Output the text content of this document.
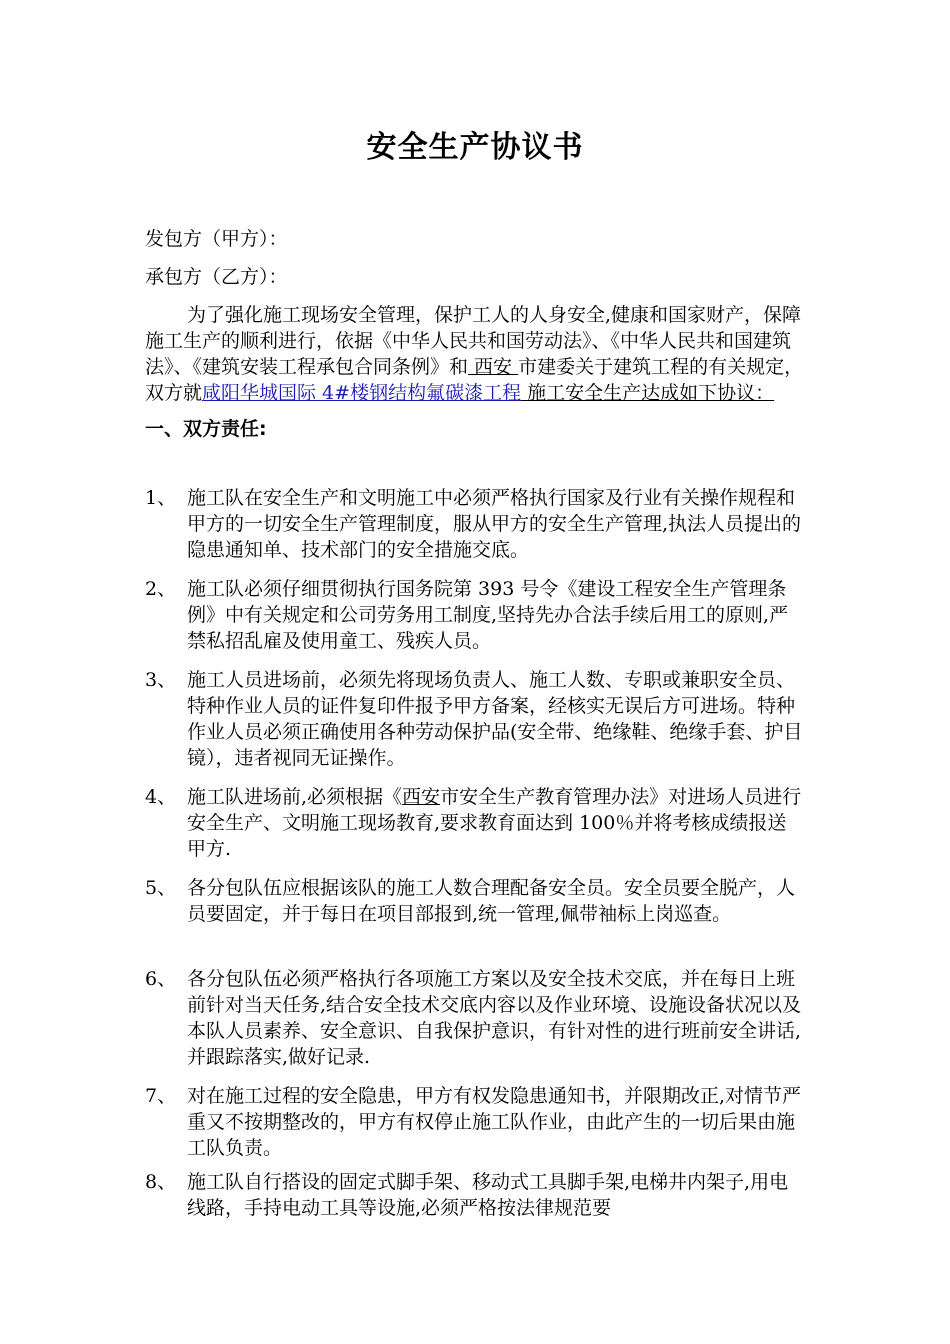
安全生产协议书
发包方（甲方）：
承包方（乙方）：
为了强化施工现场安全管理，保护工人的人身安全,健康和国家财产，保障施工生产的顺利进行，依据《中华人民共和国劳动法》、《中华人民共和国建筑法》、《建筑安装工程承包合同条例》和 西安 市建委关于建筑工程的有关规定，双方就咸阳华城国际 4#楼钢结构氟碳漆工程 施工安全生产达成如下协议：
一、双方责任:
1、 施工队在安全生产和文明施工中必须严格执行国家及行业有关操作规程和甲方的一切安全生产管理制度，服从甲方的安全生产管理,执法人员提出的隐患通知单、技术部门的安全措施交底。
2、 施工队必须仔细贯彻执行国务院第 393 号令《建设工程安全生产管理条例》中有关规定和公司劳务用工制度,坚持先办合法手续后用工的原则,严禁私招乱雇及使用童工、残疾人员。
3、 施工人员进场前，必须先将现场负责人、施工人数、专职或兼职安全员、特种作业人员的证件复印件报予甲方备案，经核实无误后方可进场。特种作业人员必须正确使用各种劳动保护品(安全带、绝缘鞋、绝缘手套、护目镜），违者视同无证操作。
4、 施工队进场前,必须根据《西安市安全生产教育管理办法》对进场人员进行安全生产、文明施工现场教育,要求教育面达到 100％并将考核成绩报送甲方.
5、 各分包队伍应根据该队的施工人数合理配备安全员。安全员要全脱产，人员要固定，并于每日在项目部报到,统一管理,佩带袖标上岗巡查。
6、 各分包队伍必须严格执行各项施工方案以及安全技术交底，并在每日上班前针对当天任务,结合安全技术交底内容以及作业环境、设施设备状况以及本队人员素养、安全意识、自我保护意识，有针对性的进行班前安全讲话,并跟踪落实,做好记录.
7、 对在施工过程的安全隐患，甲方有权发隐患通知书，并限期改正,对情节严重又不按期整改的，甲方有权停止施工队作业，由此产生的一切后果由施工队负责。
8、 施工队自行搭设的固定式脚手架、移动式工具脚手架,电梯井内架子,用电线路，手持电动工具等设施,必须严格按法律规范要
